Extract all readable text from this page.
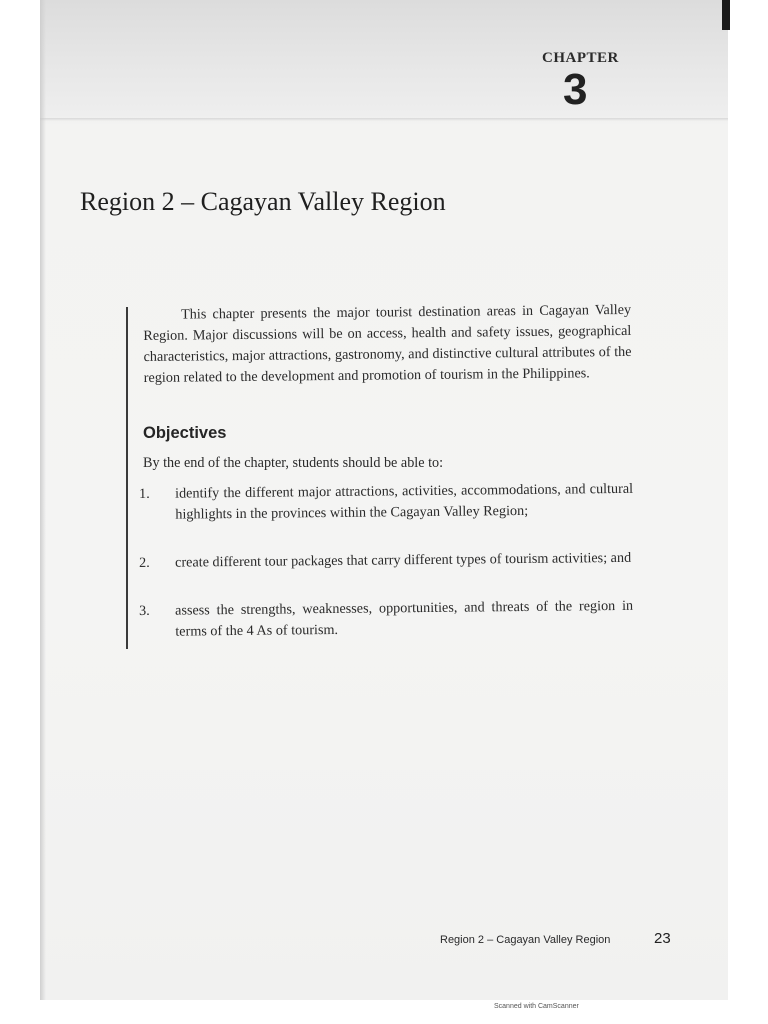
CHAPTER
3
Region 2 – Cagayan Valley Region

This chapter presents the major tourist destination areas in Cagayan Valley Region. Major discussions will be on access, health and safety issues, geographical characteristics, major attractions, gastronomy, and distinctive cultural attributes of the region related to the development and promotion of tourism in the Philippines.

Objectives

By the end of the chapter, students should be able to:

1.	identify the different major attractions, activities, accommodations, and cultural highlights in the provinces within the Cagayan Valley Region;
2.	create different tour packages that carry different types of tourism activities; and
3.	assess the strengths, weaknesses, opportunities, and threats of the region in terms of the 4 As of tourism.
Region 2 – Cagayan Valley Region	23
Scanned with CamScanner
